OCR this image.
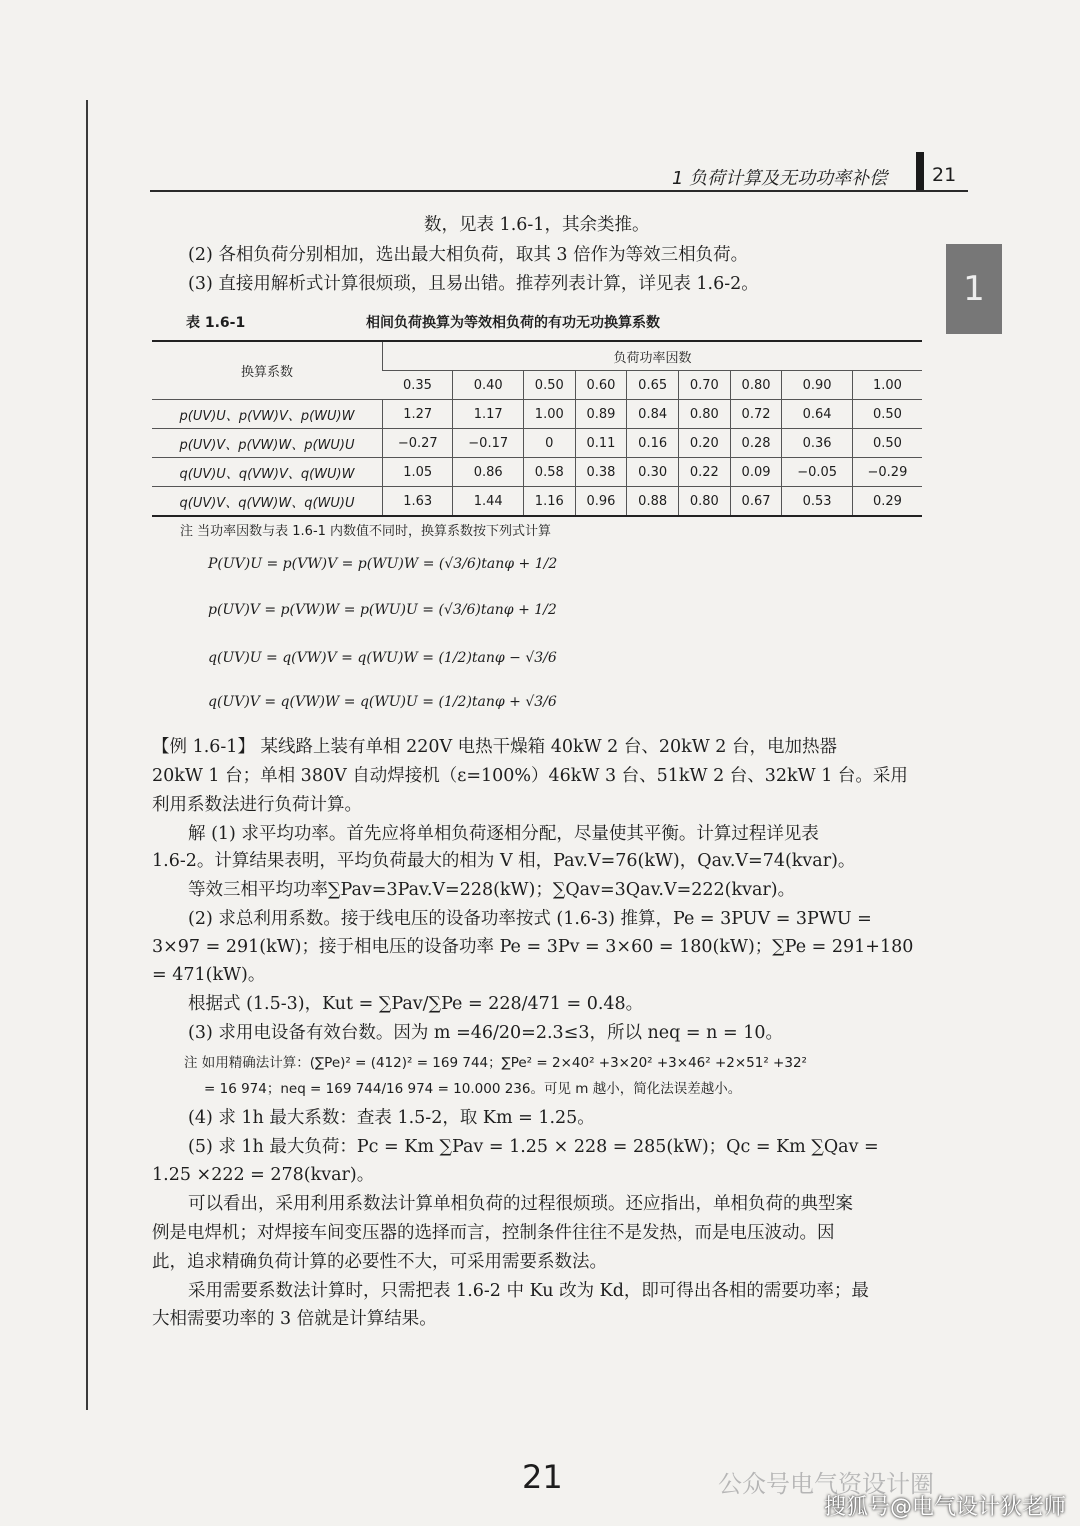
1 负荷计算及无功功率补偿 21
1
数，见表 1.6-1，其余类推。
(2) 各相负荷分别相加，选出最大相负荷，取其 3 倍作为等效三相负荷。
(3) 直接用解析式计算很烦琐，且易出错。推荐列表计算，详见表 1.6-2。
表 1.6-1	相间负荷换算为等效相负荷的有功无功换算系数
换算系数	负荷功率因数								
	0.35	0.40	0.50	0.60	0.65	0.70	0.80	0.90	1.00
p(UV)U、p(VW)V、p(WU)W	1.27	1.17	1.00	0.89	0.84	0.80	0.72	0.64	0.50
p(UV)V、p(VW)W、p(WU)U	−0.27	−0.17	0	0.11	0.16	0.20	0.28	0.36	0.50
q(UV)U、q(VW)V、q(WU)W	1.05	0.86	0.58	0.38	0.30	0.22	0.09	−0.05	−0.29
q(UV)V、q(VW)W、q(WU)U	1.63	1.44	1.16	0.96	0.88	0.80	0.67	0.53	0.29
注 当功率因数与表 1.6-1 内数值不同时，换算系数按下列式计算
P(UV)U = p(VW)V = p(WU)W = (√3/6)tanφ + 1/2
p(UV)V = p(VW)W = p(WU)U = (√3/6)tanφ + 1/2
q(UV)U = q(VW)V = q(WU)W = (1/2)tanφ − √3/6
q(UV)V = q(VW)W = q(WU)U = (1/2)tanφ + √3/6
【例 1.6-1】 某线路上装有单相 220V 电热干燥箱 40kW 2 台、20kW 2 台，电加热器
20kW 1 台；单相 380V 自动焊接机（ε=100%）46kW 3 台、51kW 2 台、32kW 1 台。采用
利用系数法进行负荷计算。
解 (1) 求平均功率。首先应将单相负荷逐相分配，尽量使其平衡。计算过程详见表
1.6-2。计算结果表明，平均负荷最大的相为 V 相，Pav.V=76(kW)，Qav.V=74(kvar)。
等效三相平均功率∑Pav=3Pav.V=228(kW)；∑Qav=3Qav.V=222(kvar)。
(2) 求总利用系数。接于线电压的设备功率按式 (1.6-3) 推算，Pe = 3PUV = 3PWU =
3×97 = 291(kW)；接于相电压的设备功率 Pe = 3Pv = 3×60 = 180(kW)；∑Pe = 291+180
= 471(kW)。
根据式 (1.5-3)，Kut = ∑Pav/∑Pe = 228/471 = 0.48。
(3) 求用电设备有效台数。因为 m =46/20=2.3≤3，所以 neq = n = 10。
注 如用精确法计算：(∑Pe)² = (412)² = 169 744；∑Pe² = 2×40² +3×20² +3×46² +2×51² +32²
= 16 974；neq = 169 744/16 974 = 10.000 236。可见 m 越小，简化法误差越小。
(4) 求 1h 最大系数：查表 1.5-2，取 Km = 1.25。
(5) 求 1h 最大负荷：Pc = Km ∑Pav = 1.25 × 228 = 285(kW)；Qc = Km ∑Qav =
1.25 ×222 = 278(kvar)。
可以看出，采用利用系数法计算单相负荷的过程很烦琐。还应指出，单相负荷的典型案
例是电焊机；对焊接车间变压器的选择而言，控制条件往往不是发热，而是电压波动。因
此，追求精确负荷计算的必要性不大，可采用需要系数法。
采用需要系数法计算时，只需把表 1.6-2 中 Ku 改为 Kd，即可得出各相的需要功率；最
大相需要功率的 3 倍就是计算结果。
21	公众号电气资设计圈
搜狐号@电气设计狄老师
